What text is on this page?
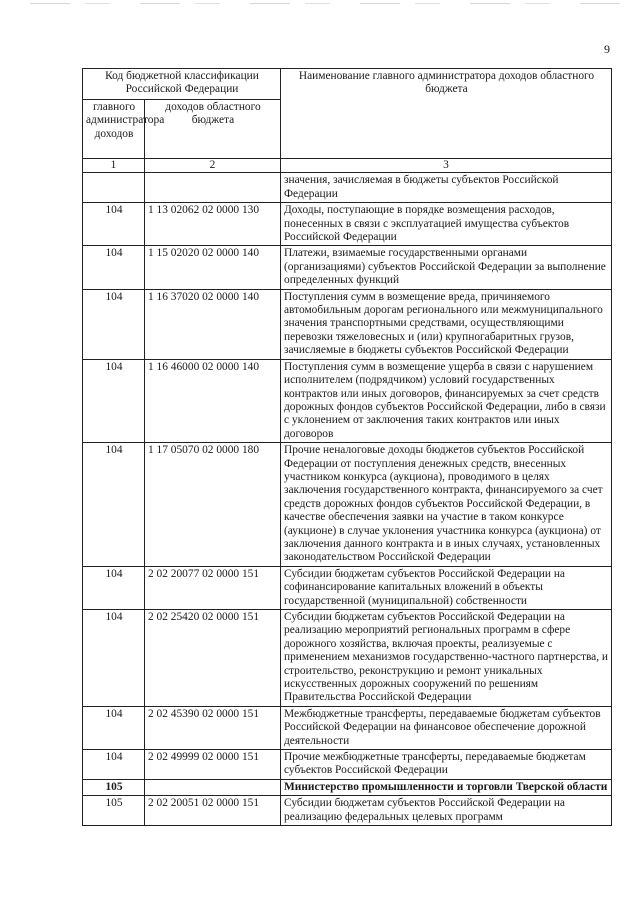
9
Код бюджетной классификации Российской Федерации		Наименование главного администратора доходов областного бюджета
главного администратора доходов	доходов областного бюджета	
1	2	3
		значения, зачисляемая в бюджеты субъектов Российской Федерации
104	1 13 02062 02 0000 130	Доходы, поступающие в порядке возмещения расходов, понесенных в связи с эксплуатацией имущества субъектов Российской Федерации
104	1 15 02020 02 0000 140	Платежи, взимаемые государственными органами (организациями) субъектов Российской Федерации за выполнение определенных функций
104	1 16 37020 02 0000 140	Поступления сумм в возмещение вреда, причиняемого автомобильным дорогам регионального или межмуниципального значения транспортными средствами, осуществляющими перевозки тяжеловесных и (или) крупногабаритных грузов, зачисляемые в бюджеты субъектов Российской Федерации
104	1 16 46000 02 0000 140	Поступления сумм в возмещение ущерба в связи с нарушением исполнителем (подрядчиком) условий государственных контрактов или иных договоров, финансируемых за счет средств дорожных фондов субъектов Российской Федерации, либо в связи с уклонением от заключения таких контрактов или иных договоров
104	1 17 05070 02 0000 180	Прочие неналоговые доходы бюджетов субъектов Российской Федерации от поступления денежных средств, внесенных участником конкурса (аукциона), проводимого в целях заключения государственного контракта, финансируемого за счет средств дорожных фондов субъектов Российской Федерации, в качестве обеспечения заявки на участие в таком конкурсе (аукционе) в случае уклонения участника конкурса (аукциона) от заключения данного контракта и в иных случаях, установленных законодательством Российской Федерации
104	2 02 20077 02 0000 151	Субсидии бюджетам субъектов Российской Федерации на софинансирование капитальных вложений в объекты государственной (муниципальной) собственности
104	2 02 25420 02 0000 151	Субсидии бюджетам субъектов Российской Федерации на реализацию мероприятий региональных программ в сфере дорожного хозяйства, включая проекты, реализуемые с применением механизмов государственно-частного партнерства, и строительство, реконструкцию и ремонт уникальных искусственных дорожных сооружений по решениям Правительства Российской Федерации
104	2 02 45390 02 0000 151	Межбюджетные трансферты, передаваемые бюджетам субъектов Российской Федерации на финансовое обеспечение дорожной деятельности
104	2 02 49999 02 0000 151	Прочие межбюджетные трансферты, передаваемые бюджетам субъектов Российской Федерации
105		Министерство промышленности и торговли Тверской области
105	2 02 20051 02 0000 151	Субсидии бюджетам субъектов Российской Федерации на реализацию федеральных целевых программ
